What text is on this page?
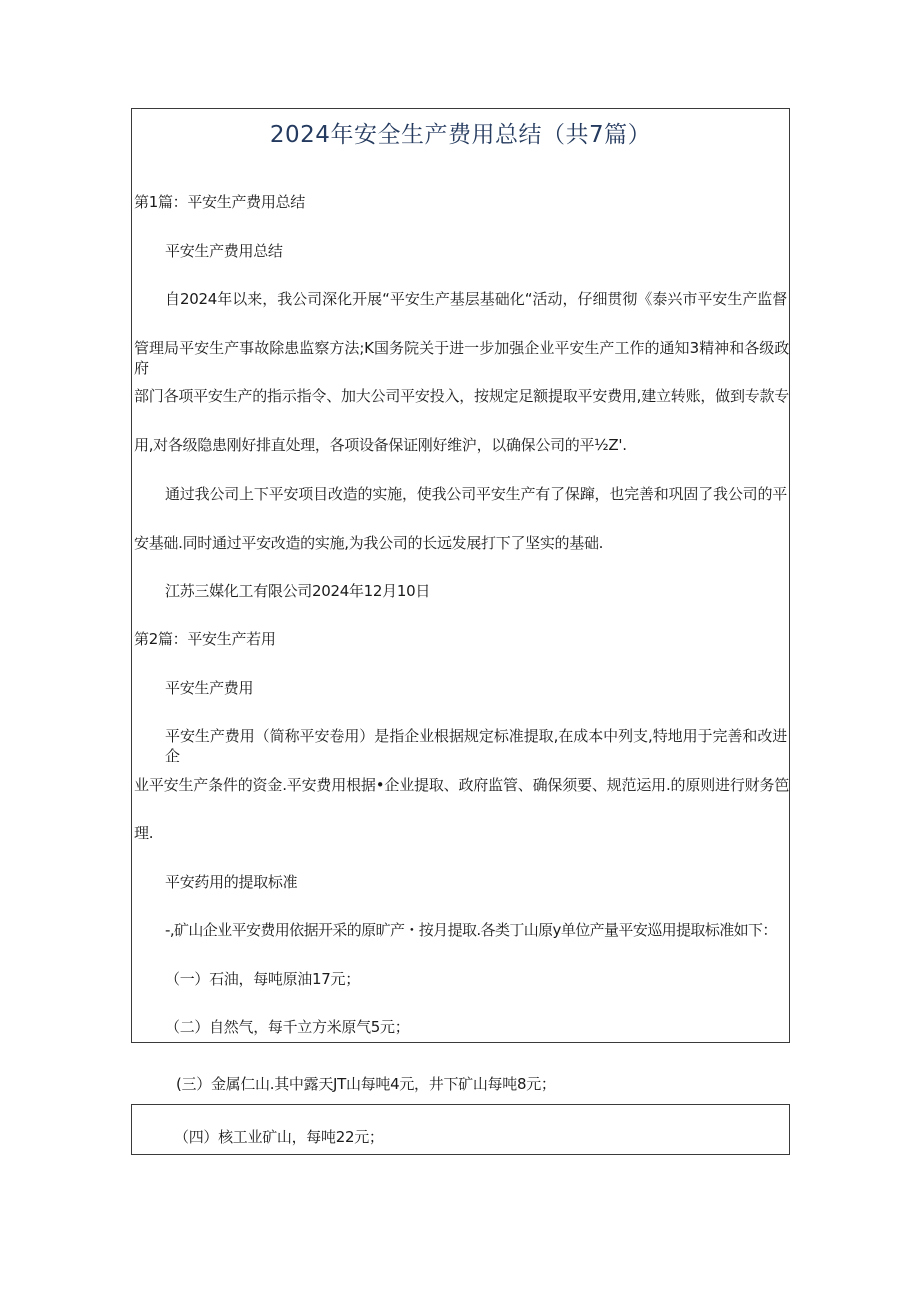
2024年安全生产费用总结（共7篇）
第1篇：平安生产费用总结
平安生产费用总结
自2024年以来，我公司深化开展“平安生产基层基础化“活动，仔细贯彻《泰兴市平安生产监督
管理局平安生产事故除患监察方法;K国务院关于进一步加强企业平安生产工作的通知3精神和各级政府
部门各项平安生产的指示指令、加大公司平安投入，按规定足额提取平安费用,建立转账，做到专款专
用,对各级隐患刚好排直处理，各项设备保证刚好维沪，以确保公司的平½Z'.
通过我公司上下平安项目改造的实施，使我公司平安生产有了保蹿，也完善和巩固了我公司的平
安基础.同时通过平安改造的实施,为我公司的长远发展打下了坚实的基础.
江苏三媒化工有限公司2024年12月10日
第2篇：平安生产若用
平安生产费用
平安生产费用（简称平安卷用）是指企业根据规定标准提取,在成本中列支,特地用于完善和改进企
业平安生产条件的资金.平安费用根据•企业提取、政府监管、确保须要、规范运用.的原则进行财务笆
理.
平安药用的提取标准
-,矿山企业平安费用依据开采的原旷产・按月提取.各类丁山原y单位产量平安巡用提取标准如下：
（一）石油，每吨原油17元；
（二）自然气，每千立方米原气5元；
(三）金属仁山.其中露天JT山每吨4元，井下矿山每吨8元；
（四）核工业矿山，每吨22元；
